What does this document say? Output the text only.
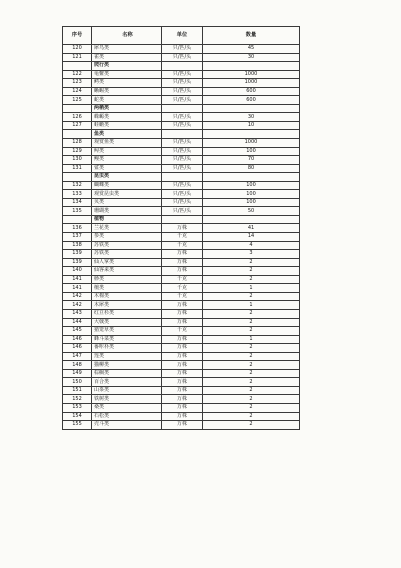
序号	名称	单位	数量
120	犀鸟类	只/匹/头	45
121	雀类	只/匹/头	30
	爬行类		
122	龟鳖类	只/匹/头	1000
123	鳄类	只/匹/头	1000
124	蜥蜴类	只/匹/头	600
125	蛇类	只/匹/头	600
	两栖类		
126	蝾螈类	只/匹/头	30
127	蛙蟾类	只/匹/头	10
	鱼类		
128	观赏鱼类	只/匹/头	1000
129	鲟类	只/匹/头	100
130	鳗类	只/匹/头	70
131	鲨类	只/匹/头	80
	昆虫类		
132	蝴蝶类	只/匹/头	100
133	观赏昆虫类	只/匹/头	100
134	贝类	只/匹/头	100
135	珊瑚类	只/匹/头	50
	植物		
136	兰花类	万株	41
137	参类	千克	14
138	苏铁类	千克	4
139	苏铁类	万株	3
139	仙人掌类	万株	2
140	仙客来类	万株	2
141	桫类	千克	2
141	檀类	千克	1
142	木棉类	千克	2
142	木犀类	万株	1
143	红豆杉类	万株	2
144	大戟类	万株	2
145	猪笼草类	千克	2
146	蜂斗菜类	万株	1
146	番咔朴类	万株	2
147	莲类	万株	2
148	猫柳类	万株	2
149	棕榈类	万株	2
150	百合类	万株	2
151	山茶类	万株	2
152	铁树类	万株	2
153	桑类	万株	2
154	石松类	万株	2
155	壳斗类	万株	2
